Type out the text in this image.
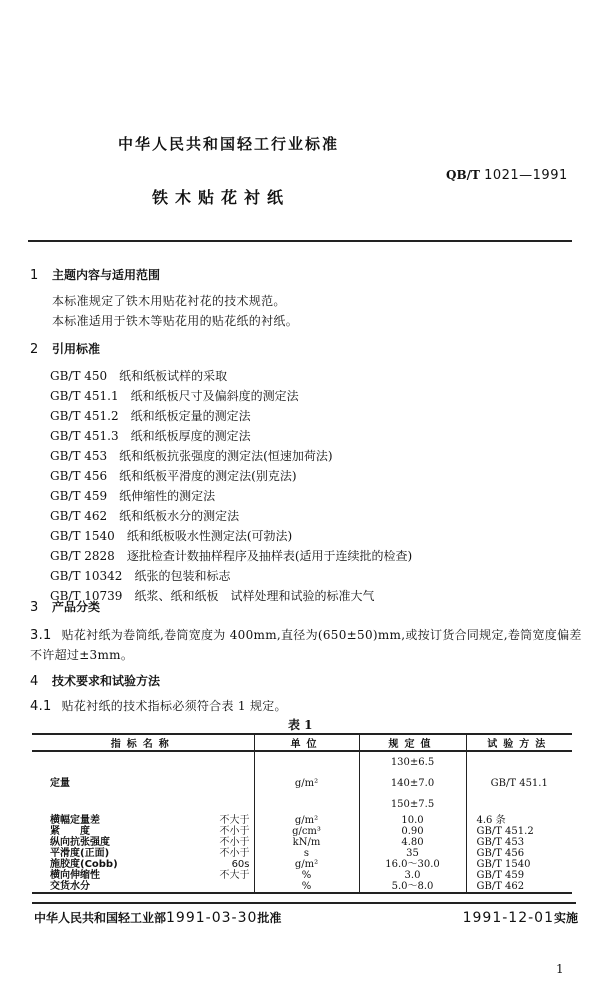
中华人民共和国轻工行业标准
QB/T 1021—1991
铁木贴花衬纸
1 主题内容与适用范围
本标准规定了铁木用贴花衬花的技术规范。
本标准适用于铁木等贴花用的贴花纸的衬纸。
2 引用标准
GB/T 450 纸和纸板试样的采取
GB/T 451.1 纸和纸板尺寸及偏斜度的测定法
GB/T 451.2 纸和纸板定量的测定法
GB/T 451.3 纸和纸板厚度的测定法
GB/T 453 纸和纸板抗张强度的测定法(恒速加荷法)
GB/T 456 纸和纸板平滑度的测定法(别克法)
GB/T 459 纸伸缩性的测定法
GB/T 462 纸和纸板水分的测定法
GB/T 1540 纸和纸板吸水性测定法(可勃法)
GB/T 2828 逐批检查计数抽样程序及抽样表(适用于连续批的检查)
GB/T 10342 纸张的包装和标志
GB/T 10739 纸浆、纸和纸板　试样处理和试验的标准大气
3 产品分类
3.1 贴花衬纸为卷筒纸,卷筒宽度为 400mm,直径为(650±50)mm,或按订货合同规定,卷筒宽度偏差
不许超过±3mm。
4 技术要求和试验方法
4.1 贴花衬纸的技术指标必须符合表 1 规定。
表 1
指标名称		单位	规定值	试验方法
定量		g/m²	130±6.5	GB/T 451.1
			140±7.0	
			150±7.5	
横幅定量差	不大于	g/m²	10.0	4.6 条
紧　　度	不小于	g/cm³	0.90	GB/T 451.2
纵向抗张强度	不小于	kN/m	4.80	GB/T 453
平滑度(正面)	不小于	s	35	GB/T 456
施胶度(Cobb)	60s	g/m²	16.0～30.0	GB/T 1540
横向伸缩性	不大于	%	3.0	GB/T 459
交货水分		%	5.0～8.0	GB/T 462
中华人民共和国轻工业部1991-03-30批准	1991-12-01实施
1
